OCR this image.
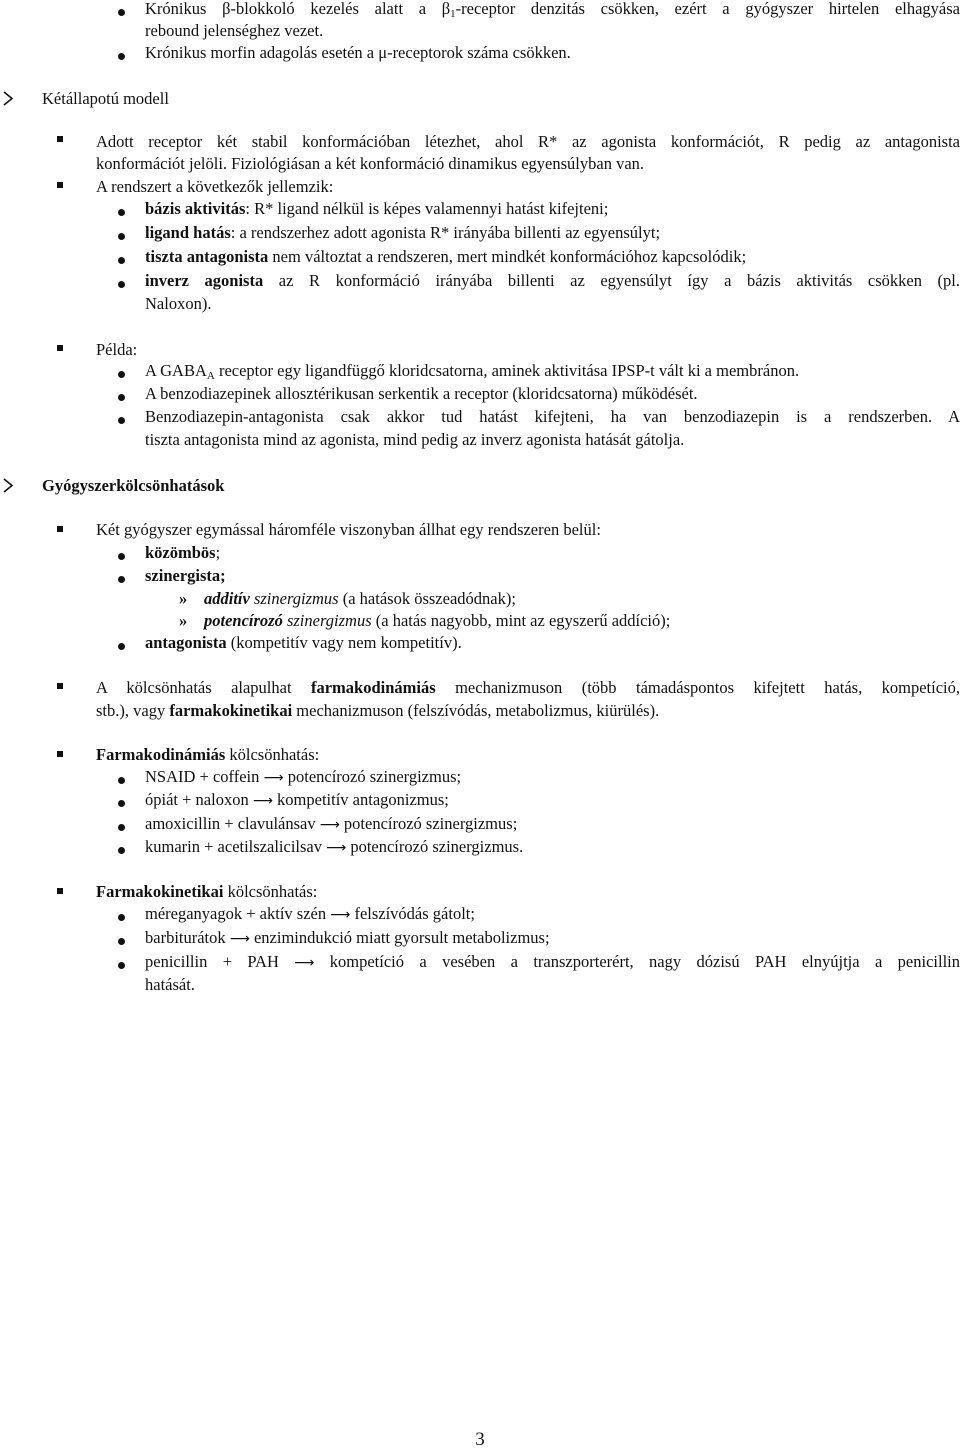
Krónikus β-blokkoló kezelés alatt a $\beta_1$-receptor denzitás csökken, ezért a gyógyszer hirtelen elhagyása
rebound jelenséghez vezet.
Krónikus morfin adagolás esetén a μ-receptorok száma csökken.
Kétállapotú modell
Adott receptor két stabil konformációban létezhet, ahol R* az agonista konformációt, R pedig az antagonista
konformációt jelöli. Fiziológiásan a két konformáció dinamikus egyensúlyban van.
A rendszert a következők jellemzik:
bázis aktivitás: R* ligand nélkül is képes valamennyi hatást kifejteni;
ligand hatás: a rendszerhez adott agonista R* irányába billenti az egyensúlyt;
tiszta antagonista nem változtat a rendszeren, mert mindkét konformációhoz kapcsolódik;
inverz agonista az R konformáció irányába billenti az egyensúlyt így a bázis aktivitás csökken (pl.
Naloxon).
Példa:
A $GABA_A$ receptor egy ligandfüggő kloridcsatorna, aminek aktivitása IPSP-t vált ki a membránon.
A benzodiazepinek allosztérikusan serkentik a receptor (kloridcsatorna) működését.
Benzodiazepin-antagonista csak akkor tud hatást kifejteni, ha van benzodiazepin is a rendszerben. A
tiszta antagonista mind az agonista, mind pedig az inverz agonista hatását gátolja.
Gyógyszerkölcsönhatások
Két gyógyszer egymással háromféle viszonyban állhat egy rendszeren belül:
közömbös;
szinergista;
» additív szinergizmus (a hatások összeadódnak);
» potencírozó szinergizmus (a hatás nagyobb, mint az egyszerű addíció);
antagonista (kompetitív vagy nem kompetitív).
A kölcsönhatás alapulhat farmakodinámiás mechanizmuson (több támadáspontos kifejtett hatás, kompetíció,
stb.), vagy farmakokinetikai mechanizmuson (felszívódás, metabolizmus, kiürülés).
Farmakodinámiás kölcsönhatás:
NSAID + coffein ⟶ potencírozó szinergizmus;
ópiát + naloxon ⟶ kompetitív antagonizmus;
amoxicillin + clavulánsav ⟶ potencírozó szinergizmus;
kumarin + acetilszalicilsav ⟶ potencírozó szinergizmus.
Farmakokinetikai kölcsönhatás:
méreganyagok + aktív szén ⟶ felszívódás gátolt;
barbiturátok ⟶ enzimindukció miatt gyorsult metabolizmus;
penicillin + PAH ⟶ kompetíció a vesében a transzporterért, nagy dózisú PAH elnyújtja a penicillin
hatását.
3
